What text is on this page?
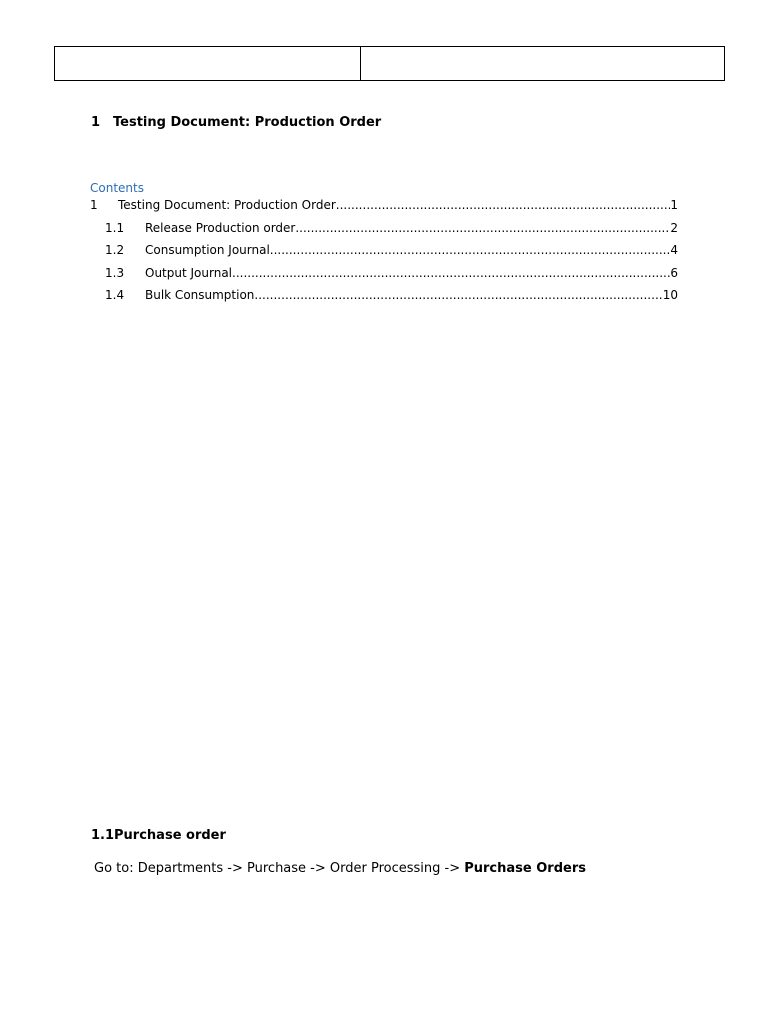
1 Testing Document: Production Order
Contents
1	Testing Document: Production Order .....	1
1.1	Release Production order .....	2
1.2	Consumption Journal .....	4
1.3	Output Journal .....	6
1.4	Bulk Consumption .....	10
1.1Purchase order
Go to: Departments -> Purchase -> Order Processing -> Purchase Orders
